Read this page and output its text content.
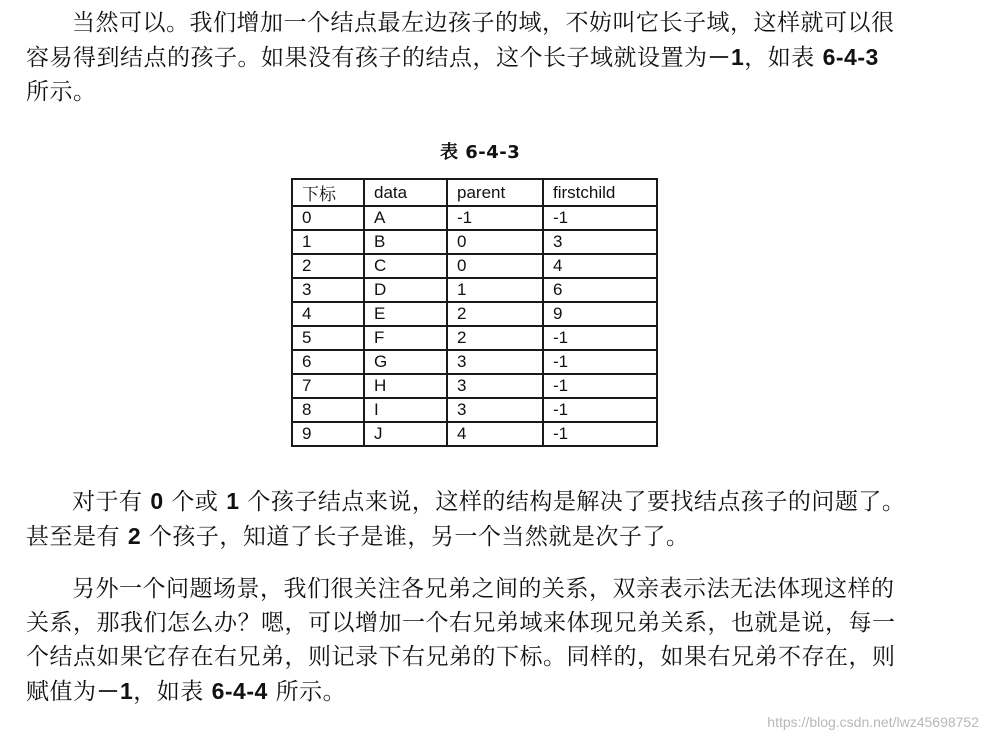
当然可以。我们增加一个结点最左边孩子的域，不妨叫它长子域，这样就可以很

容易得到结点的孩子。如果没有孩子的结点，这个长子域就设置为－1，如表 6-4-3

所示。

表 6-4-3
下标	data	parent	firstchild
0	A	-1	-1
1	B	0	3
2	C	0	4
3	D	1	6
4	E	2	9
5	F	2	-1
6	G	3	-1
7	H	3	-1
8	I	3	-1
9	J	4	-1

对于有 0 个或 1 个孩子结点来说，这样的结构是解决了要找结点孩子的问题了。

甚至是有 2 个孩子，知道了长子是谁，另一个当然就是次子了。

另外一个问题场景，我们很关注各兄弟之间的关系，双亲表示法无法体现这样的

关系，那我们怎么办？嗯，可以增加一个右兄弟域来体现兄弟关系，也就是说，每一

个结点如果它存在右兄弟，则记录下右兄弟的下标。同样的，如果右兄弟不存在，则

赋值为－1，如表 6-4-4 所示。

https://blog.csdn.net/lwz45698752
